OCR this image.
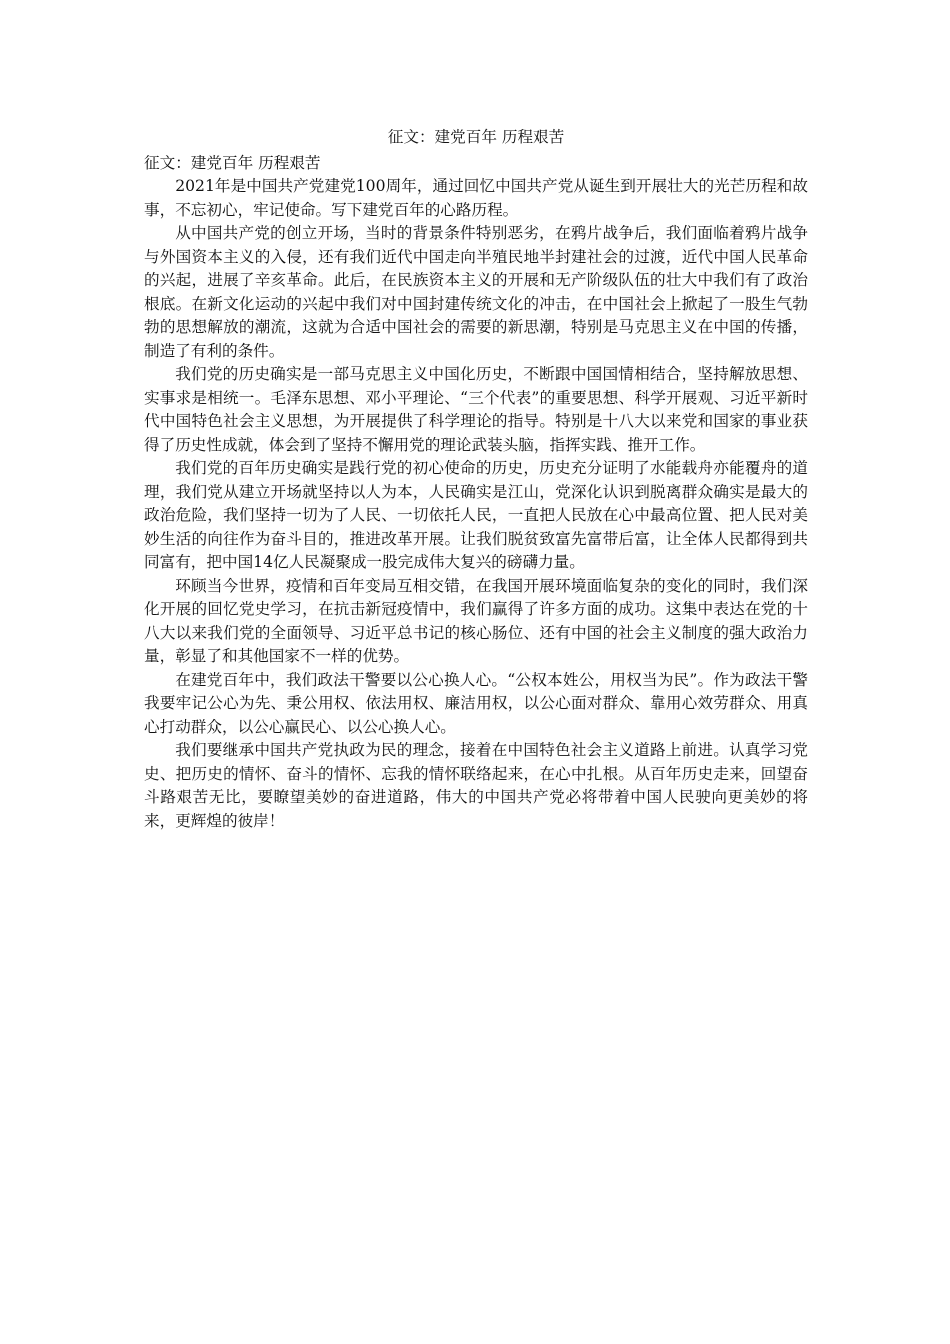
征文：建党百年 历程艰苦

征文：建党百年 历程艰苦

2021年是中国共产党建党100周年，通过回忆中国共产党从诞生到开展壮大的光芒历程和故事，不忘初心，牢记使命。写下建党百年的心路历程。

从中国共产党的创立开场，当时的背景条件特别恶劣，在鸦片战争后，我们面临着鸦片战争与外国资本主义的入侵，还有我们近代中国走向半殖民地半封建社会的过渡，近代中国人民革命的兴起，进展了辛亥革命。此后，在民族资本主义的开展和无产阶级队伍的壮大中我们有了政治根底。在新文化运动的兴起中我们对中国封建传统文化的冲击，在中国社会上掀起了一股生气勃勃的思想解放的潮流，这就为合适中国社会的需要的新思潮，特别是马克思主义在中国的传播，制造了有利的条件。

我们党的历史确实是一部马克思主义中国化历史，不断跟中国国情相结合，坚持解放思想、实事求是相统一。毛泽东思想、邓小平理论、“三个代表”的重要思想、科学开展观、习近平新时代中国特色社会主义思想，为开展提供了科学理论的指导。特别是十八大以来党和国家的事业获得了历史性成就，体会到了坚持不懈用党的理论武装头脑，指挥实践、推开工作。

我们党的百年历史确实是践行党的初心使命的历史，历史充分证明了水能载舟亦能覆舟的道理，我们党从建立开场就坚持以人为本，人民确实是江山，党深化认识到脱离群众确实是最大的政治危险，我们坚持一切为了人民、一切依托人民，一直把人民放在心中最高位置、把人民对美妙生活的向往作为奋斗目的，推进改革开展。让我们脱贫致富先富带后富，让全体人民都得到共同富有，把中国14亿人民凝聚成一股完成伟大复兴的磅礴力量。

环顾当今世界，疫情和百年变局互相交错，在我国开展环境面临复杂的变化的同时，我们深化开展的回忆党史学习，在抗击新冠疫情中，我们赢得了许多方面的成功。这集中表达在党的十八大以来我们党的全面领导、习近平总书记的核心肠位、还有中国的社会主义制度的强大政治力量，彰显了和其他国家不一样的优势。

在建党百年中，我们政法干警要以公心换人心。“公权本姓公，用权当为民”。作为政法干警我要牢记公心为先、秉公用权、依法用权、廉洁用权，以公心面对群众、靠用心效劳群众、用真心打动群众，以公心赢民心、以公心换人心。

我们要继承中国共产党执政为民的理念，接着在中国特色社会主义道路上前进。认真学习党史、把历史的情怀、奋斗的情怀、忘我的情怀联络起来，在心中扎根。从百年历史走来，回望奋斗路艰苦无比，要瞭望美妙的奋进道路，伟大的中国共产党必将带着中国人民驶向更美妙的将来，更辉煌的彼岸！
